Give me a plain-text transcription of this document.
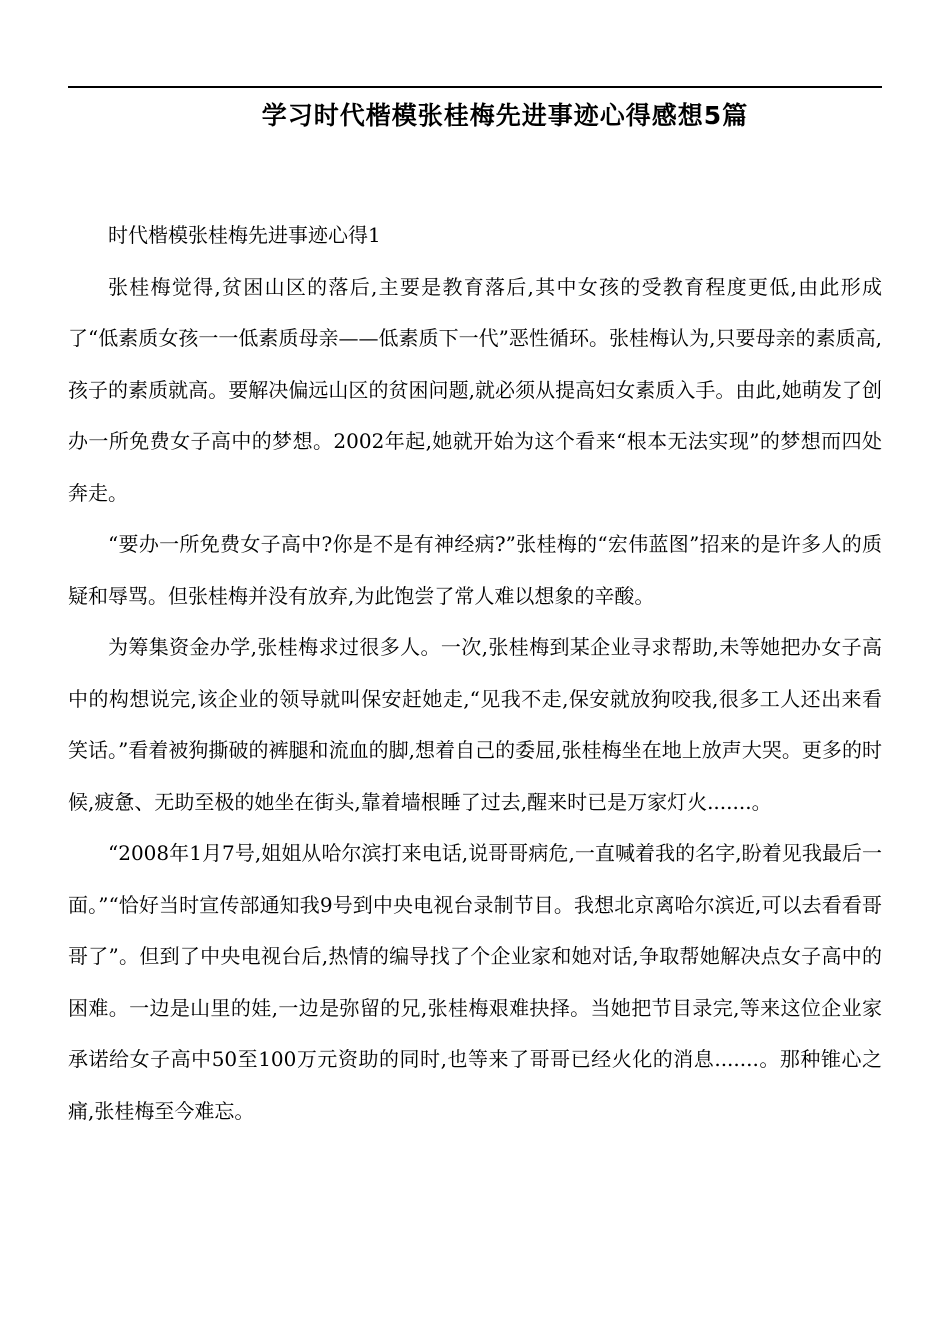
学习时代楷模张桂梅先进事迹心得感想5篇

时代楷模张桂梅先进事迹心得1

张桂梅觉得,贫困山区的落后,主要是教育落后,其中女孩的受教育程度更低,由此形成了“低素质女孩一一低素质母亲——低素质下一代”恶性循环。张桂梅认为,只要母亲的素质高,孩子的素质就高。要解决偏远山区的贫困问题,就必须从提高妇女素质入手。由此,她萌发了创办一所免费女子高中的梦想。2002年起,她就开始为这个看来“根本无法实现”的梦想而四处奔走。

“要办一所免费女子高中?你是不是有神经病?”张桂梅的“宏伟蓝图”招来的是许多人的质疑和辱骂。但张桂梅并没有放弃,为此饱尝了常人难以想象的辛酸。

为筹集资金办学,张桂梅求过很多人。一次,张桂梅到某企业寻求帮助,未等她把办女子高中的构想说完,该企业的领导就叫保安赶她走,“见我不走,保安就放狗咬我,很多工人还出来看笑话。”看着被狗撕破的裤腿和流血的脚,想着自己的委屈,张桂梅坐在地上放声大哭。更多的时候,疲惫、无助至极的她坐在街头,靠着墙根睡了过去,醒来时已是万家灯火.......。

“2008年1月7号,姐姐从哈尔滨打来电话,说哥哥病危,一直喊着我的名字,盼着见我最后一面。”“恰好当时宣传部通知我9号到中央电视台录制节目。我想北京离哈尔滨近,可以去看看哥哥了”。但到了中央电视台后,热情的编导找了个企业家和她对话,争取帮她解决点女子高中的困难。一边是山里的娃,一边是弥留的兄,张桂梅艰难抉择。当她把节目录完,等来这位企业家承诺给女子高中50至100万元资助的同时,也等来了哥哥已经火化的消息.......。那种锥心之痛,张桂梅至今难忘。
